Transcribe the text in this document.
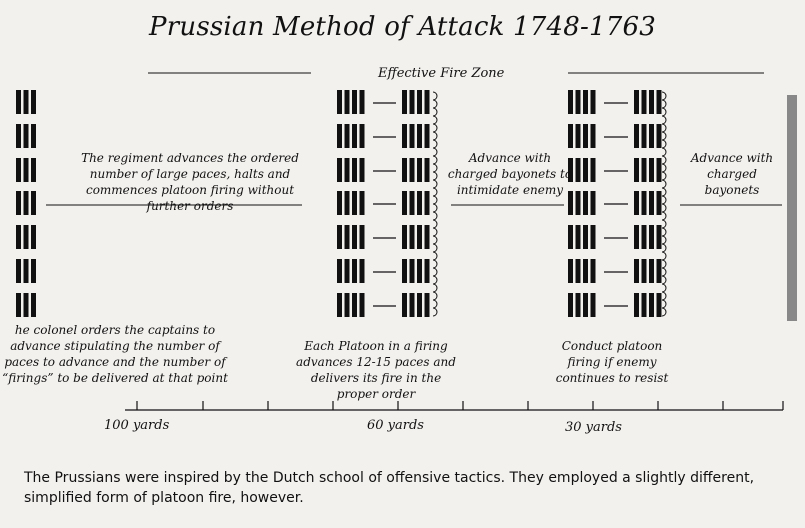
Prussian Method of Attack 1748-1763
Effective Fire Zone
The regiment advances the ordered number of large paces, halts and commences platoon firing without further orders
Advance with charged bayonets to intimidate enemy
Advance with charged bayonets
he colonel orders the captains to advance stipulating the number of paces to advance and the number of “firings” to be delivered at that point
Each Platoon in a firing advances 12-15 paces and delivers its fire in the proper order
Conduct platoon firing if enemy continues to resist
100 yards	60 yards	30 yards
The Prussians were inspired by the Dutch school of offensive tactics. They employed a slightly different, simplified form of platoon fire, however.
